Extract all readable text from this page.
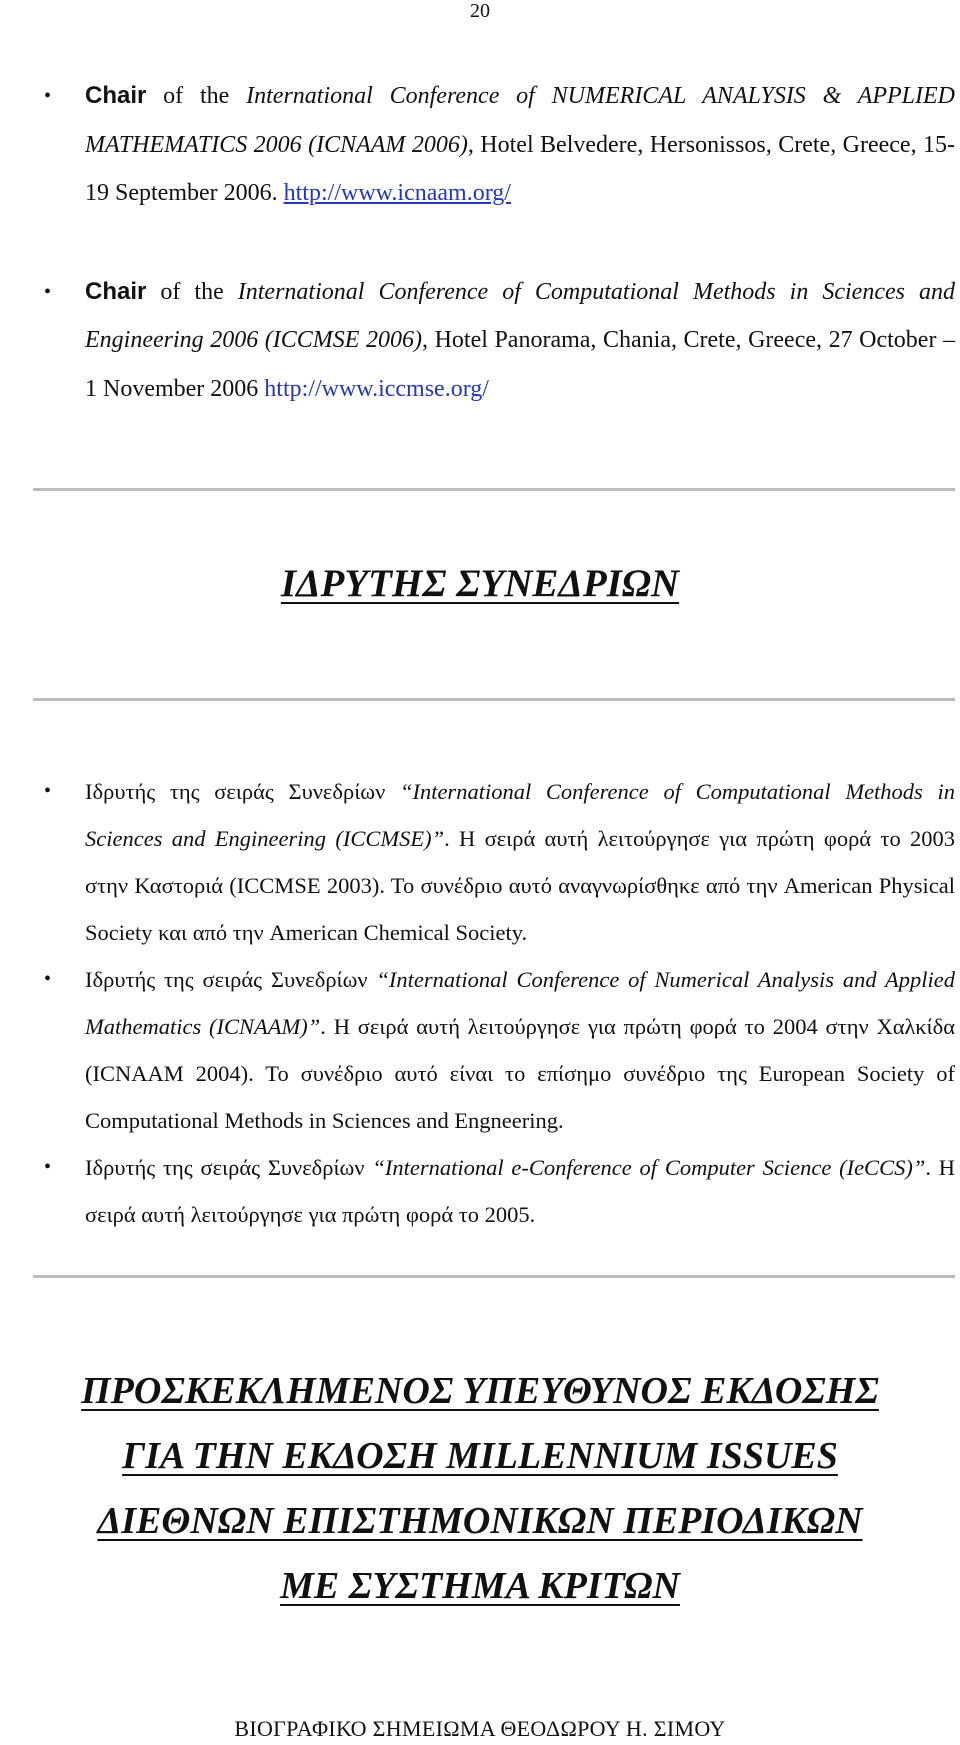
20
• Chair of the International Conference of NUMERICAL ANALYSIS & APPLIED MATHEMATICS 2006 (ICNAAM 2006), Hotel Belvedere, Hersonissos, Crete, Greece, 15-19 September 2006. http://www.icnaam.org/
• Chair of the International Conference of Computational Methods in Sciences and Engineering 2006 (ICCMSE 2006), Hotel Panorama, Chania, Crete, Greece, 27 October – 1 November 2006 http://www.iccmse.org/
ΙΔΡΥΤΗΣ ΣΥΝΕΔΡΙΩΝ
• Ιδρυτής της σειράς Συνεδρίων “International Conference of Computational Methods in Sciences and Engineering (ICCMSE)”. Η σειρά αυτή λειτούργησε για πρώτη φορά το 2003 στην Καστοριά (ICCMSE 2003). Το συνέδριο αυτό αναγνωρίσθηκε από την American Physical Society και από την American Chemical Society.
• Ιδρυτής της σειράς Συνεδρίων “International Conference of Numerical Analysis and Applied Mathematics (ICNAAM)”. Η σειρά αυτή λειτούργησε για πρώτη φορά το 2004 στην Χαλκίδα (ICNAAM 2004). Το συνέδριο αυτό είναι το επίσημο συνέδριο της European Society of Computational Methods in Sciences and Engneering.
• Ιδρυτής της σειράς Συνεδρίων “International e-Conference of Computer Science (IeCCS)”. Η σειρά αυτή λειτούργησε για πρώτη φορά το 2005.
ΠΡΟΣΚΕΚΛΗΜΕΝΟΣ ΥΠΕΥΘΥΝΟΣ ΕΚΔΟΣΗΣ
ΓΙΑ ΤΗΝ ΕΚΔΟΣΗ MILLENNIUM ISSUES
ΔΙΕΘΝΩΝ ΕΠΙΣΤΗΜΟΝΙΚΩΝ ΠΕΡΙΟΔΙΚΩΝ
ΜΕ ΣΥΣΤΗΜΑ ΚΡΙΤΩΝ
ΒΙΟΓΡΑΦΙΚΟ ΣΗΜΕΙΩΜΑ ΘΕΟΔΩΡΟΥ Η. ΣΙΜΟΥ
